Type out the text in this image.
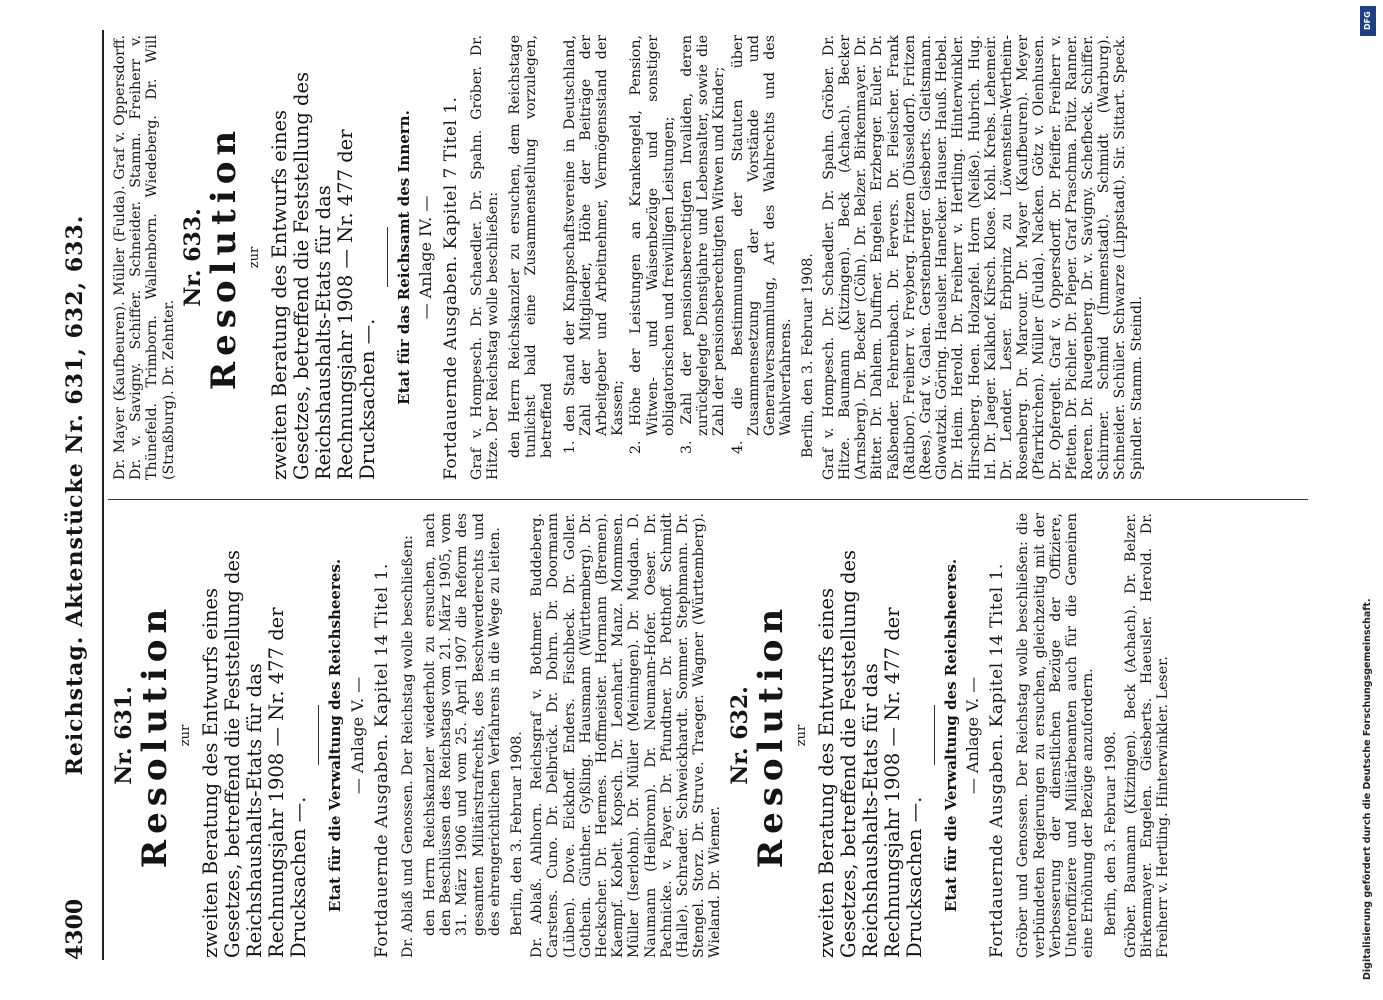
4300
Reichstag. Aktenstücke Nr. 631, 632, 633. Nr. 631.
Resolution zur zweiten Beratung des Entwurfs eines Gesetzes, betreffend die Feststellung des Reichshaushalts-Etats für das Rechnungsjahr 1908 — Nr. 477 der Drucksachen —. Etat für die Verwaltung des Reichsheeres. — Anlage V. — Fortdauernde Ausgaben. Kapitel 14 Titel 1. Dr. Ablaß und Genossen. Der Reichstag wolle beschließen: den Herrn Reichskanzler wiederholt zu ersuchen, nach den Beschlüssen des Reichstags vom 21. März 1905, vom 31. März 1906 und vom 25. April 1907 die Reform des gesamten Militärstrafrechts, des Beschwerderechts und des ehrengerichtlichen Verfahrens in die Wege zu leiten. Berlin, den 3. Februar 1908. Dr. Ablaß. Ahlhorn. Reichsgraf v. Bothmer. Buddeberg. Carstens. Cuno. Dr. Delbrück. Dr. Dohrn. Dr. Doormann (Lüben). Dove. Eickhoff. Enders. Fischbeck. Dr. Goller. Gothein. Günther. Gyßling. Hausmann (Württemberg). Dr. Heckscher. Dr. Hermes. Hoffmeister. Hormann (Bremen). Kaempf. Kobelt. Kopsch. Dr. Leonhart. Manz. Mommsen. Müller (Iserlohn). Dr. Müller (Meiningen). Dr. Mugdan. D. Naumann (Heilbronn). Dr. Neumann-Hofer. Oeser. Dr. Pachnicke. v. Payer. Dr. Pfundtner. Dr. Potthoff. Schmidt (Halle). Schrader. Schweickhardt. Sommer. Stephmann. Dr. Stengel. Storz. Dr. Struve. Traeger. Wagner (Württemberg). Wieland. Dr. Wiemer.

Nr. 632.
Resolution zur zweiten Beratung des Entwurfs eines Gesetzes, betreffend die Feststellung des Reichshaushalts-Etats für das Rechnungsjahr 1908 — Nr. 477 der Drucksachen —. Etat für die Verwaltung des Reichsheeres. — Anlage V. — Fortdauernde Ausgaben. Kapitel 14 Titel 1. Gröber und Genossen. Der Reichstag wolle beschließen: die verbündeten Regierungen zu ersuchen, gleichzeitig mit der Verbesserung der dienstlichen Bezüge der Offiziere, Unteroffiziere und Militärbeamten auch für die Gemeinen eine Erhöhung der Bezüge anzufordern. Berlin, den 3. Februar 1908. Gröber. Baumann (Kitzingen). Beck (Achach). Dr. Belzer. Birkenmayer. Engelen. Giesberts. Haeusler. Herold. Dr. Freiherr v. Hertling. Hinterwinkler. Leser.

Dr. Mayer (Kaufbeuren). Müller (Fulda). Graf v. Oppersdorff. Dr. v. Savigny. Schiffer. Schneider. Stamm. Freiherr v. Thünefeld. Trimborn. Wallenborn. Wiedeberg. Dr. Will (Straßburg). Dr. Zehnter.

Nr. 633.
Resolution zur zweiten Beratung des Entwurfs eines Gesetzes, betreffend die Feststellung des Reichshaushalts-Etats für das Rechnungsjahr 1908 — Nr. 477 der Drucksachen —. Etat für das Reichsamt des Innern. — Anlage IV. — Fortdauernde Ausgaben. Kapitel 7 Titel 1. Graf v. Hompesch. Dr. Schaedler. Dr. Spahn. Gröber. Dr. Hitze. Der Reichstag wolle beschließen: den Herrn Reichskanzler zu ersuchen, dem Reichstage tunlichst bald eine Zusammenstellung vorzulegen, betreffend 1. den Stand der Knappschaftsvereine in Deutschland, Zahl der Mitglieder, Höhe der Beiträge der Arbeitgeber und Arbeitnehmer, Vermögensstand der Kassen; 2. Höhe der Leistungen an Krankengeld, Pension, Witwen- und Waisenbezüge und sonstiger obligatorischen und freiwilligen Leistungen; 3. Zahl der pensionsberechtigten Invaliden, deren zurückgelegte Dienstjahre und Lebensalter, sowie die Zahl der pensionsberechtigten Witwen und Kinder; 4. die Bestimmungen der Statuten über Zusammensetzung der Vorstände und Generalversammlung, Art des Wahlrechts und des Wahlverfahrens. Berlin, den 3. Februar 1908. Graf v. Hompesch. Dr. Schaedler. Dr. Spahn. Gröber. Dr. Hitze. Baumann (Kitzingen). Beck (Achach). Becker (Arnsberg). Dr. Becker (Cöln). Dr. Belzer. Birkenmayer. Dr. Bitter. Dr. Dahlem. Duffner. Engelen. Erzberger. Euler. Dr. Faßbender. Fehrenbach. Dr. Fervers. Dr. Fleischer. Frank (Ratibor). Freiherr v. Freyberg. Fritzen (Düsseldorf). Fritzen (Rees). Graf v. Galen. Gerstenberger. Giesberts. Gleitsmann. Glowatzki. Göring. Haeusler. Hanecker. Hauser. Hauß. Hebel. Dr. Heim. Herold. Dr. Freiherr v. Hertling. Hinterwinkler. Hirschberg. Hoen. Holzapfel. Horn (Neiße). Hubrich. Hug. Irl. Dr. Jaeger. Kalkhof. Kirsch. Klose. Kohl. Krebs. Lehemeir. Dr. Lender. Leser. Erbprinz zu Löwenstein-Wertheim-Rosenberg. Dr. Marcour. Dr. Mayer (Kaufbeuren). Meyer (Pfarrkirchen). Müller (Fulda). Nacken. Götz v. Olenhusen. Dr. Opfergelt. Graf v. Oppersdorff. Dr. Pfeiffer. Freiherr v. Pfetten. Dr. Pichler. Dr. Pieper. Graf Praschma. Pütz. Ranner. Roeren. Dr. Ruegenberg. Dr. v. Savigny. Schefbeck. Schiffer. Schirmer. Schmid (Immenstadt). Schmidt (Warburg). Schneider. Schüler. Schwarze (Lippstadt). Sir. Sittart. Speck. Spindler. Stamm. Steindl.

DFG
Digitalisierung gefördert durch die Deutsche Forschungsgemeinschaft.
